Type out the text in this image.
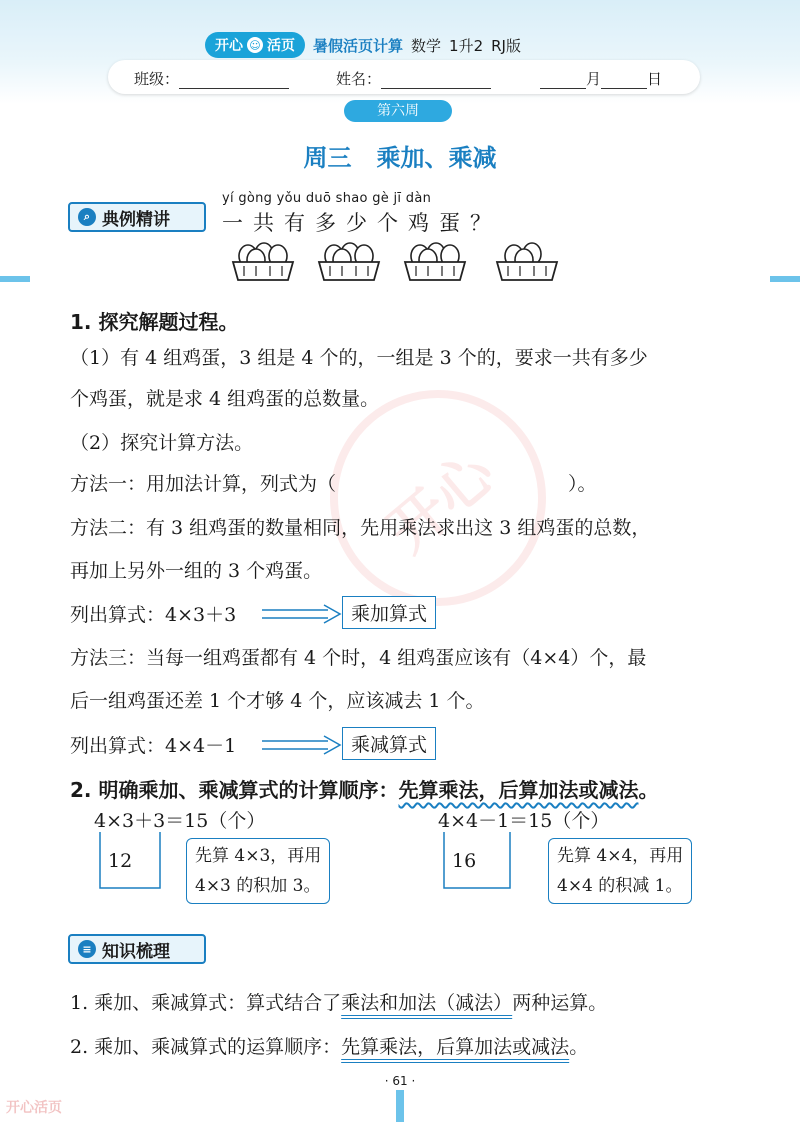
开心 ☺ 活页 暑假活页计算 数学 1升2 RJ版
班级：	姓名：	月	日
第六周
周三 乘加、乘减
开心
⌕ 典例精讲
yí gòng yǒu duō shao gè jī dàn
一共有多少个鸡蛋？
1. 探究解题过程。
（1）有 4 组鸡蛋，3 组是 4 个的，一组是 3 个的，要求一共有多少
个鸡蛋，就是求 4 组鸡蛋的总数量。
（2）探究计算方法。
方法一：用加法计算，列式为（	）。
方法二：有 3 组鸡蛋的数量相同，先用乘法求出这 3 组鸡蛋的总数，
再加上另外一组的 3 个鸡蛋。
列出算式：4×3＋3	乘加算式
方法三：当每一组鸡蛋都有 4 个时，4 组鸡蛋应该有（4×4）个，最
后一组鸡蛋还差 1 个才够 4 个，应该减去 1 个。
列出算式：4×4－1	乘减算式
2. 明确乘加、乘减算式的计算顺序：先算乘法，后算加法或减法。
4×3＋3＝15（个）
12	先算 4×3，再用
4×3 的积加 3。
4×4－1＝15（个）
16	先算 4×4，再用
4×4 的积减 1。
≡ 知识梳理
1. 乘加、乘减算式：算式结合了乘法和加法（减法）两种运算。
2. 乘加、乘减算式的运算顺序：先算乘法，后算加法或减法。
· 61 ·
开心活页
